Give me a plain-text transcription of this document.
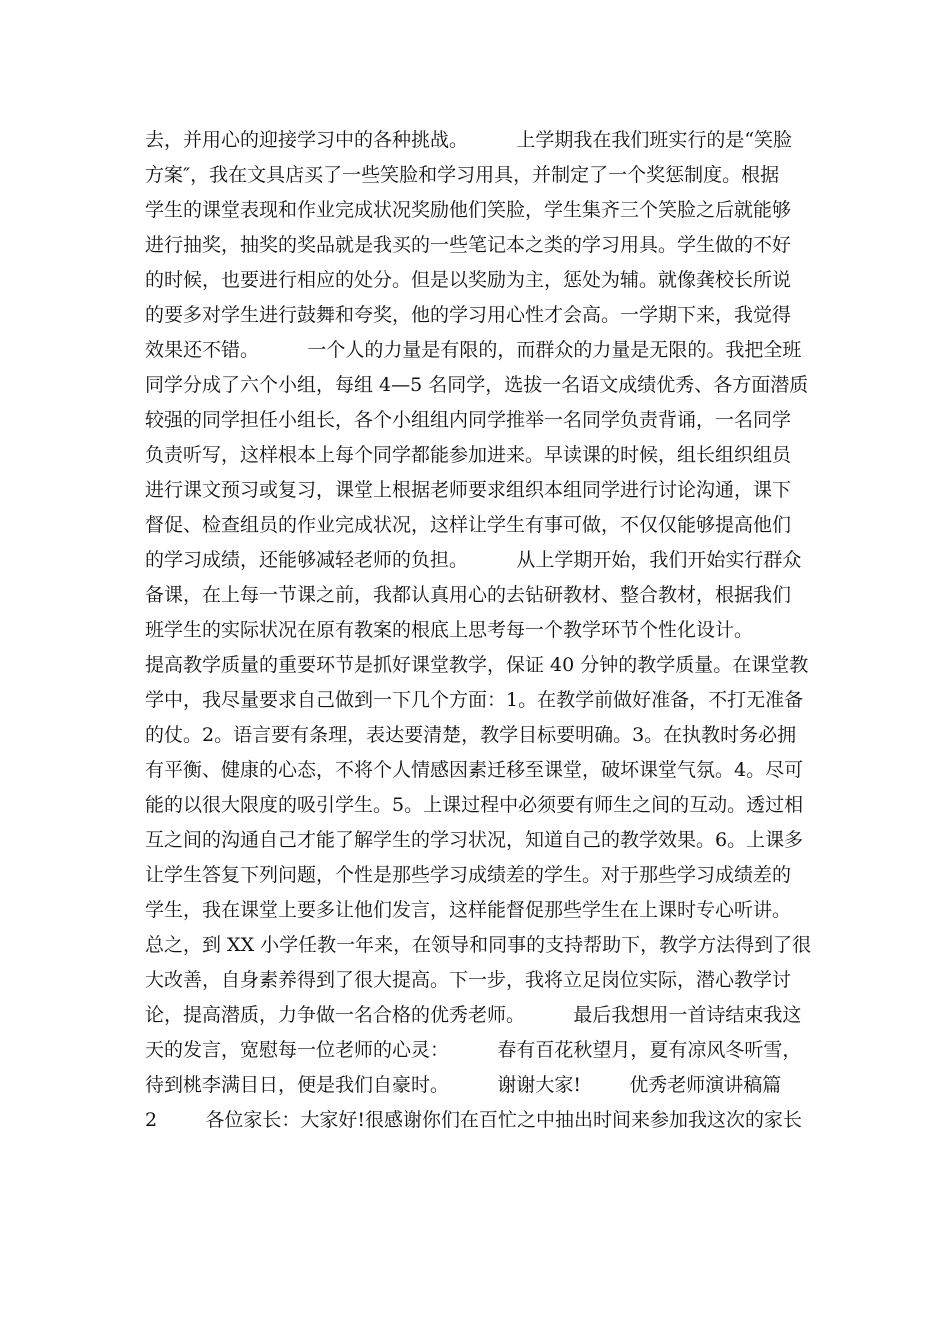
去，并用心的迎接学习中的各种挑战。        上学期我在我们班实行的是“笑脸
方案″，我在文具店买了一些笑脸和学习用具，并制定了一个奖惩制度。根据
学生的课堂表现和作业完成状况奖励他们笑脸，学生集齐三个笑脸之后就能够
进行抽奖，抽奖的奖品就是我买的一些笔记本之类的学习用具。学生做的不好
的时候，也要进行相应的处分。但是以奖励为主，惩处为辅。就像龚校长所说
的要多对学生进行鼓舞和夸奖，他的学习用心性才会高。一学期下来，我觉得
效果还不错。        一个人的力量是有限的，而群众的力量是无限的。我把全班
同学分成了六个小组，每组 4—5 名同学，选拔一名语文成绩优秀、各方面潜质
较强的同学担任小组长，各个小组组内同学推举一名同学负责背诵，一名同学
负责听写，这样根本上每个同学都能参加进来。早读课的时候，组长组织组员
进行课文预习或复习，课堂上根据老师要求组织本组同学进行讨论沟通，课下
督促、检查组员的作业完成状况，这样让学生有事可做，不仅仅能够提高他们
的学习成绩，还能够减轻老师的负担。        从上学期开始，我们开始实行群众
备课，在上每一节课之前，我都认真用心的去钻研教材、整合教材，根据我们
班学生的实际状况在原有教案的根底上思考每一个教学环节个性化设计。
提高教学质量的重要环节是抓好课堂教学，保证 40 分钟的教学质量。在课堂教
学中，我尽量要求自己做到一下几个方面：1。在教学前做好准备，不打无准备
的仗。2。语言要有条理，表达要清楚，教学目标要明确。3。在执教时务必拥
有平衡、健康的心态，不将个人情感因素迁移至课堂，破坏课堂气氛。4。尽可
能的以很大限度的吸引学生。5。上课过程中必须要有师生之间的互动。透过相
互之间的沟通自己才能了解学生的学习状况，知道自己的教学效果。6。上课多
让学生答复下列问题，个性是那些学习成绩差的学生。对于那些学习成绩差的
学生，我在课堂上要多让他们发言，这样能督促那些学生在上课时专心听讲。
总之，到 XX 小学任教一年来，在领导和同事的支持帮助下，教学方法得到了很
大改善，自身素养得到了很大提高。下一步，我将立足岗位实际，潜心教学讨
论，提高潜质，力争做一名合格的优秀老师。        最后我想用一首诗结束我这
天的发言，宽慰每一位老师的心灵：        春有百花秋望月，夏有凉风冬听雪，
待到桃李满目日，便是我们自豪时。        谢谢大家!        优秀老师演讲稿篇
2        各位家长：大家好!很感谢你们在百忙之中抽出时间来参加我这次的家长
